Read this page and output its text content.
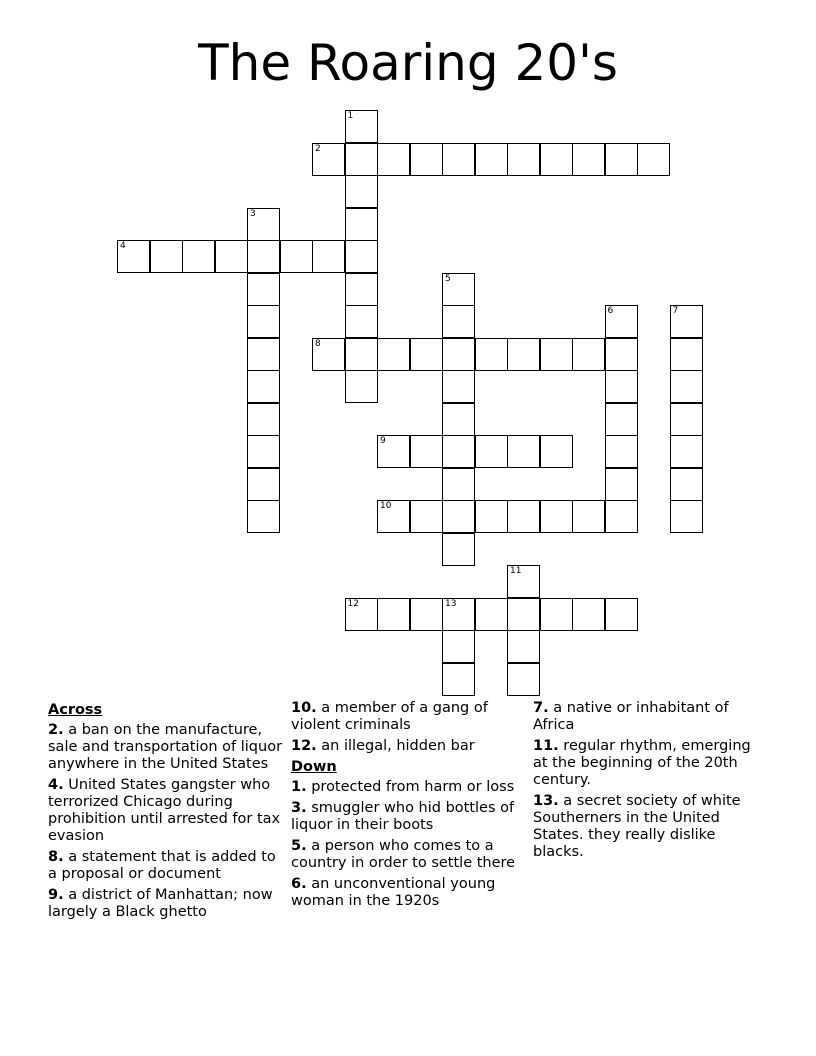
The Roaring 20's
1
2
3
4
5
6	7
8
9
10
11
12	13
Across
2. a ban on the manufacture, sale and transportation of liquor anywhere in the United States
4. United States gangster who terrorized Chicago during prohibition until arrested for tax evasion
8. a statement that is added to a proposal or document
9. a district of Manhattan; now largely a Black ghetto
10. a member of a gang of violent criminals
12. an illegal, hidden bar
Down
1. protected from harm or loss
3. smuggler who hid bottles of liquor in their boots
5. a person who comes to a country in order to settle there
6. an unconventional young woman in the 1920s
7. a native or inhabitant of Africa
11. regular rhythm, emerging at the beginning of the 20th century.
13. a secret society of white Southerners in the United States. they really dislike blacks.
